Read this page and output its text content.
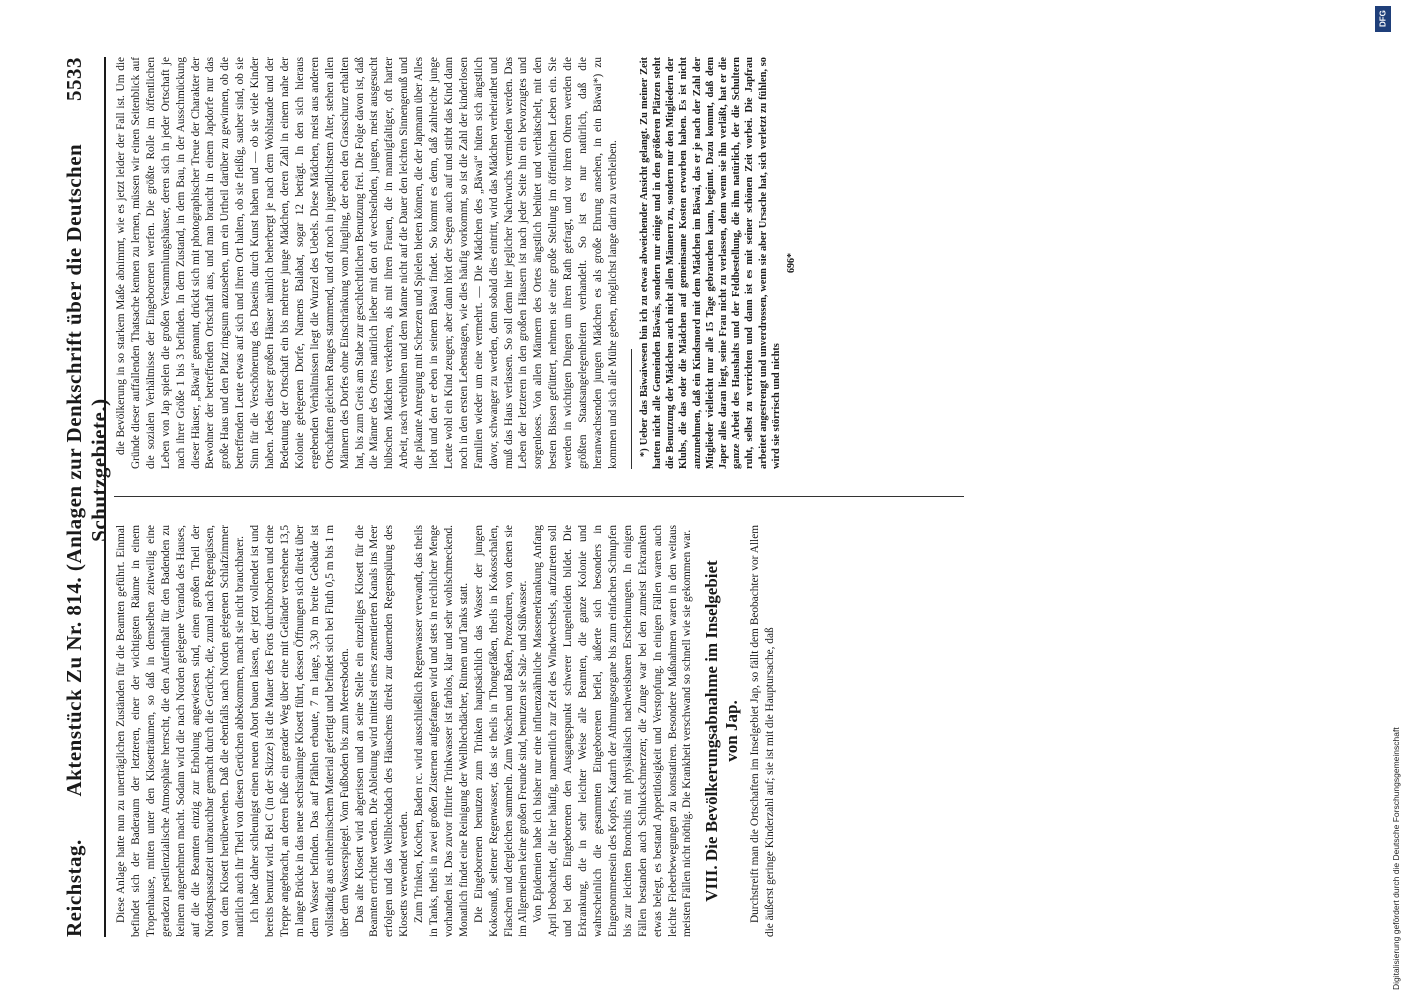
Reichstag.
Aktenstück Zu Nr. 814. (Anlagen zur Denkschrift über die Deutschen Schutzgebiete.)
5533

Diese Anlage hatte nun zu unerträglichen Zuständen für die Beamten geführt. Einmal befindet sich der Baderaum der letzteren, einer der wichtigsten Räume in einem Tropenhause, mitten unter den Klosetträumen, so daß in demselben zeitweilig eine geradezu pestilenzialische Atmosphäre herrscht, die den Aufenthalt für den Badenden zu keinem angenehmen macht. Sodann wird die nach Norden gelegene Veranda des Hauses, auf die die Beamten einzig zur Erholung angewiesen sind, einen großen Theil der Nordostpassatzeit unbrauchbar gemacht durch die Gerüche, die, zumal nach Regengüssen, von dem Klosett herüberwehen. Daß die ebenfalls nach Norden gelegenen Schlafzimmer natürlich auch ihr Theil von diesen Gerüchen abbekommen, macht sie nicht brauchbarer. Ich habe daher schleunigst einen neuen Abort bauen lassen, der jetzt vollendet ist und bereits benutzt wird. Bei C (in der Skizze) ist die Mauer des Forts durchbrochen und eine Treppe angebracht, an deren Fuße ein gerader Weg über eine mit Geländer versehene 13,5 m lange Brücke in das neue sechsräumige Klosett führt, dessen Öffnungen sich direkt über dem Wasser befinden. Das auf Pfählen erbaute, 7 m lange, 3,30 m breite Gebäude ist vollständig aus einheimischem Material gefertigt und befindet sich bei Fluth 0,5 m bis 1 m über dem Wasserspiegel. Vom Fußboden bis zum Meeresboden. Das alte Klosett wird abgerissen und an seine Stelle ein einzelliges Klosett für die Beamten errichtet werden. Die Ableitung wird mittelst eines zementierten Kanals ins Meer erfolgen und das Wellblechdach des Häuschens direkt zur dauernden Regenspülung des Klosetts verwendet werden. Zum Trinken, Kochen, Baden rc. wird ausschließlich Regenwasser verwandt, das theils in Tanks, theils in zwei großen Zisternen aufgefangen wird und stets in reichlicher Menge vorhanden ist. Das zuvor filtrirte Trinkwasser ist farblos, klar und sehr wohlschmeckend. Monatlich findet eine Reinigung der Wellblechdächer, Rinnen und Tanks statt. Die Eingeborenen benutzen zum Trinken hauptsächlich das Wasser der jungen Kokosnuß, seltener Regenwasser, das sie theils in Thongefäßen, theils in Kokosschalen, Flaschen und dergleichen sammeln. Zum Waschen und Baden, Prozeduren, von denen sie im Allgemeinen keine großen Freunde sind, benutzen sie Salz- und Süßwasser. Von Epidemien habe ich bisher nur eine influenzaähnliche Massenerkrankung Anfang April beobachtet, die hier häufig, namentlich zur Zeit des Windwechsels, aufzutreten soll und bei den Eingeborenen den Ausgangspunkt schwerer Lungenleiden bildet. Die Erkrankung, die in sehr leichter Weise alle Beamten, die ganze Kolonie und wahrscheinlich die gesammten Eingeborenen befiel, äußerte sich besonders in Eingenommensein des Kopfes, Katarrh der Athmungsorgane bis zum einfachen Schnupfen bis zur leichten Bronchitis mit physikalisch nachweisbaren Erscheinungen. In einigen Fällen bestanden auch Schluckschmerzen; die Zunge war bei den zumeist Erkrankten etwas belegt, es bestand Appetitlosigkeit und Verstopfung. In einigen Fällen waren auch leichte Fieberbewegungen zu konstatiren. Besondere Maßnahmen waren in den weitaus meisten Fällen nicht nöthig. Die Krankheit verschwand so schnell wie sie gekommen war. VIII. Die Bevölkerungsabnahme im Inselgebiet von Jap. Durchstreift man die Ortschaften im Inselgebiet Jap, so fällt dem Beobachter vor Allem die äußerst geringe Kinderzahl auf; sie ist mit die Hauptursache, daß

die Bevölkerung in so starkem Maße abnimmt, wie es jetzt leider der Fall ist. Um die Gründe dieser auffallenden Thatsache kennen zu lernen, müssen wir einen Seitenblick auf die sozialen Verhältnisse der Eingeborenen werfen. Die größte Rolle im öffentlichen Leben von Jap spielen die großen Versammlungshäuser, deren sich in jeder Ortschaft je nach ihrer Größe 1 bis 3 befinden. In dem Zustand, in dem Bau, in der Ausschmückung dieser Häuser, „Bäwai“ genannt, drückt sich mit photographischer Treue der Charakter der Bewohner der betreffenden Ortschaft aus, und man braucht in einem Japdorfe nur das große Haus und den Platz ringsum anzusehen, um ein Urtheil darüber zu gewinnen, ob die betreffenden Leute etwas auf sich und ihren Ort halten, ob sie fleißig, sauber sind, ob sie Sinn für die Verschönerung des Daseins durch Kunst haben und — ob sie viele Kinder haben. Jedes dieser großen Häuser nämlich beherbergt je nach dem Wohlstande und der Bedeutung der Ortschaft ein bis mehrere junge Mädchen, deren Zahl in einem nahe der Kolonie gelegenen Dorfe, Namens Balabat, sogar 12 beträgt. In den sich hieraus ergebenden Verhältnissen liegt die Wurzel des Uebels. Diese Mädchen, meist aus anderen Ortschaften gleichen Ranges stammend, und oft noch in jugendlichstem Alter, stehen allen Männern des Dorfes ohne Einschränkung vom Jüngling, der eben den Grasschurz erhalten hat, bis zum Greis am Stabe zur geschlechtlichen Benutzung frei. Die Folge davon ist, daß die Männer des Ortes natürlich lieber mit den oft wechselnden, jungen, meist ausgesucht hübschen Mädchen verkehren, als mit ihren Frauen, die in mannigfaltiger, oft harter Arbeit, rasch verblühen und dem Manne nicht auf die Dauer den leichten Sinnengenuß und die pikante Anregung mit Scherzen und Spielen bieten können, die der Japmann über Alles liebt und den er eben in seinem Bäwai findet. So kommt es denn, daß zahlreiche junge Leute wohl ein Kind zeugen; aber dann hört der Segen auch auf und stirbt das Kind dann noch in den ersten Lebenstagen, wie dies häufig vorkommt, so ist die Zahl der kinderlosen Familien wieder um eine vermehrt. — Die Mädchen des „Bäwai“ hüten sich ängstlich davor, schwanger zu werden, denn sobald dies eintritt, wird das Mädchen verheirathet und muß das Haus verlassen. So soll denn hier jeglicher Nachwuchs vermieden werden. Das Leben der letzteren in den großen Häusern ist nach jeder Seite hin ein bevorzugtes und sorgenloses. Von allen Männern des Ortes ängstlich behütet und verhätschelt, mit den besten Bissen gefüttert, nehmen sie eine große Stellung im öffentlichen Leben ein. Sie werden in wichtigen Dingen um ihren Rath gefragt, und vor ihren Ohren werden die größten Staatsangelegenheiten verhandelt. So ist es nur natürlich, daß die heranwachsenden jungen Mädchen es als große Ehrung ansehen, in ein Bäwai*) zu kommen und sich alle Mühe geben, möglichst lange darin zu verbleiben. *) Ueber das Bäwaiwesen bin ich zu etwas abweichender Ansicht gelangt. Zu meiner Zeit hatten nicht alle Gemeinden Bäwais, sondern nur einige und in den größeren Plätzen steht die Benutzung der Mädchen auch nicht allen Männern zu, sondern nur den Mitgliedern der Klubs, die das oder die Mädchen auf gemeinsame Kosten erworben haben. Es ist nicht anzunehmen, daß ein Kindsmord mit dem Mädchen im Bäwai, das er je nach der Zahl der Mitglieder vielleicht nur alle 15 Tage gebrauchen kann, beginnt. Dazu kommt, daß dem Japer alles daran liegt, seine Frau nicht zu verlassen, denn wenn sie ihn verläßt, hat er die ganze Arbeit des Haushalts und der Feldbestellung, die ihm natürlich, der die Schultern ruht, selbst zu verrichten und dann ist es mit seiner schönen Zeit vorbei. Die Japfrau arbeitet angestrengt und unverdrossen, wenn sie aber Ursache hat, sich verletzt zu fühlen, so wird sie störrisch und nichts

696*
DFG
Digitalisierung gefördert durch die Deutsche Forschungsgemeinschaft
